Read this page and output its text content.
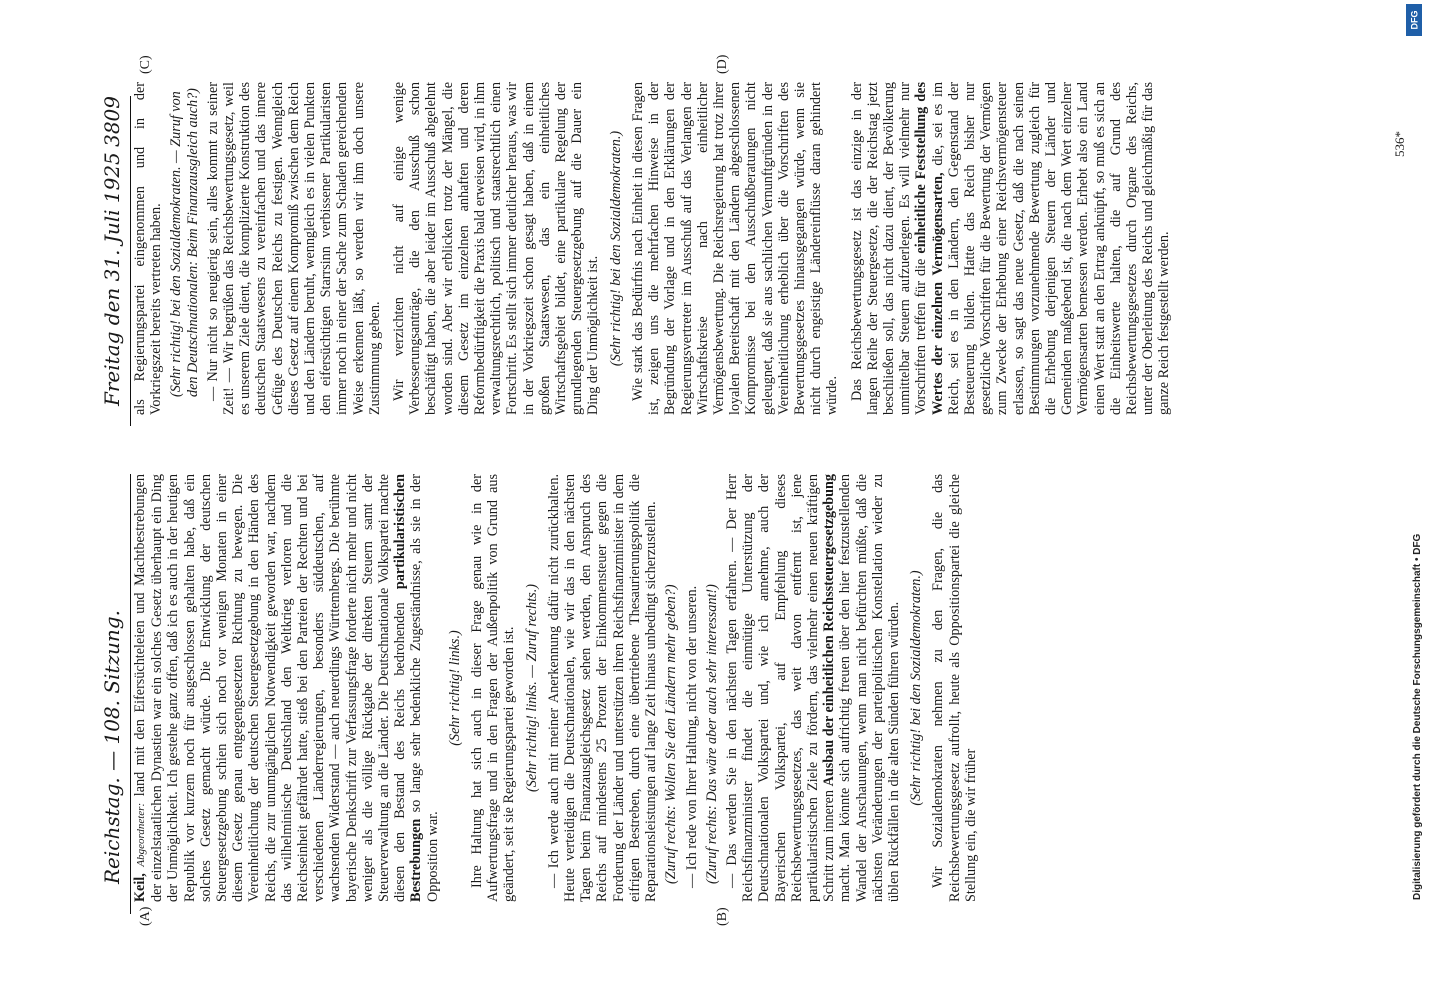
Reichstag. — 108. Sitzung.
Freitag den 31. Juli 1925
3809
(A)	(B)
(C)	(D)

Keil, Abgeordneter: land mit den Eifersüchteleien und Machtbestrebungen der einzelstaatlichen Dynastien war ein solches Gesetz überhaupt ein Ding der Unmöglichkeit. Ich gestehe ganz offen, daß ich es auch in der heutigen Republik vor kurzem noch für ausgeschlossen gehalten habe, daß ein solches Gesetz gemacht würde. Die Entwicklung der deutschen Steuergesetzgebung schien sich noch vor wenigen Monaten in einer diesem Gesetz genau entgegengesetzten Richtung zu bewegen. Die Vereinheitlichung der deutschen Steuergesetzgebung in den Händen des Reichs, die zur unumgänglichen Notwendigkeit geworden war, nachdem das wilhelminische Deutschland den Weltkrieg verloren und die Reichseinheit gefährdet hatte, stieß bei den Parteien der Rechten und bei verschiedenen Länderregierungen, besonders süddeutschen, auf wachsenden Widerstand — auch neuerdings Württembergs. Die berühmte bayerische Denkschrift zur Verfassungsfrage forderte nicht mehr und nicht weniger als die völlige Rückgabe der direkten Steuern samt der Steuerverwaltung an die Länder. Die Deutschnationale Volkspartei machte diesen den Bestand des Reichs bedrohenden partikularistischen Bestrebungen so lange sehr bedenkliche Zugeständnisse, als sie in der Opposition war.

(Sehr richtig! links.) Ihre Haltung hat sich auch in dieser Frage genau wie in der Aufwertungsfrage und in den Fragen der Außenpolitik von Grund aus geändert, seit sie Regierungspartei geworden ist. (Sehr richtig! links. — Zuruf rechts.) — Ich werde auch mit meiner Anerkennung dafür nicht zurückhalten. Heute verteidigen die Deutschnationalen, wie wir das in den nächsten Tagen beim Finanzausgleichsgesetz sehen werden, den Anspruch des Reichs auf mindestens 25 Prozent der Einkommensteuer gegen die Forderung der Länder und unterstützen ihren Reichsfinanzminister in dem eifrigen Bestreben, durch eine übertriebene Thesaurierungspolitik die Reparationsleistungen auf lange Zeit hinaus unbedingt sicherzustellen. (Zuruf rechts: Wollen Sie den Ländern mehr geben?) — Ich rede von Ihrer Haltung, nicht von der unseren. (Zuruf rechts: Das wäre aber auch sehr interessant!) — Das werden Sie in den nächsten Tagen erfahren. — Der Herr Reichsfinanzminister findet die einmütige Unterstützung der Deutschnationalen Volkspartei und, wie ich annehme, auch der Bayerischen Volkspartei, auf Empfehlung dieses Reichsbewertungsgesetzes, das weit davon entfernt ist, jene partikularistischen Ziele zu fördern, das vielmehr einen neuen kräftigen Schritt zum inneren Ausbau der einheitlichen Reichssteuergesetzgebung macht. Man könnte sich aufrichtig freuen über den hier festzustellenden Wandel der Anschauungen, wenn man nicht befürchten müßte, daß die nächsten Veränderungen der parteipolitischen Konstellation wieder zu üblen Rückfällen in die alten Sünden führen würden. (Sehr richtig! bei den Sozialdemokraten.) Wir Sozialdemokraten nehmen zu den Fragen, die das Reichsbewertungsgesetz aufrollt, heute als Oppositionspartei die gleiche Stellung ein, die wir früher

als Regierungspartei eingenommen und in der Vorkriegszeit bereits vertreten haben. (Sehr richtig! bei den Sozialdemokraten. — Zuruf von den Deutschnationalen: Beim Finanzausgleich auch?) — Nur nicht so neugierig sein, alles kommt zu seiner Zeit! — Wir begrüßen das Reichsbewertungsgesetz, weil es unserem Ziele dient, die komplizierte Konstruktion des deutschen Staatswesens zu vereinfachen und das innere Gefüge des Deutschen Reichs zu festigen. Wenngleich dieses Gesetz auf einem Kompromiß zwischen dem Reich und den Ländern beruht, wenngleich es in vielen Punkten den eifersüchtigen Starrsinn verbissener Partikularisten immer noch in einer der Sache zum Schaden gereichenden Weise erkennen läßt, so werden wir ihm doch unsere Zustimmung geben. Wir verzichten nicht auf einige wenige Verbesserungsanträge, die den Ausschuß schon beschäftigt haben, die aber leider im Ausschuß abgelehnt worden sind. Aber wir erblicken trotz der Mängel, die diesem Gesetz im einzelnen anhaften und deren Reformbedürftigkeit die Praxis bald erweisen wird, in ihm verwaltungsrechtlich, politisch und staatsrechtlich einen Fortschritt. Es stellt sich immer deutlicher heraus, was wir in der Vorkriegszeit schon gesagt haben, daß in einem großen Staatswesen, das ein einheitliches Wirtschaftsgebiet bildet, eine partikulare Regelung der grundlegenden Steuergesetzgebung auf die Dauer ein Ding der Unmöglichkeit ist. (Sehr richtig! bei den Sozialdemokraten.) Wie stark das Bedürfnis nach Einheit in diesen Fragen ist, zeigen uns die mehrfachen Hinweise in der Begründung der Vorlage und in den Erklärungen der Regierungsvertreter im Ausschuß auf das Verlangen der Wirtschaftskreise nach einheitlicher Vermögensbewertung. Die Reichsregierung hat trotz ihrer loyalen Bereitschaft mit den Ländern abgeschlossenen Kompromisse bei den Ausschußberatungen nicht geleugnet, daß sie aus sachlichen Vernunftgründen in der Vereinheitlichung erheblich über die Vorschriften des Bewertungsgesetzes hinausgegangen würde, wenn sie nicht durch engeistige Ländereinflüsse daran gehindert würde. Das Reichsbewertungsgesetz ist das einzige in der langen Reihe der Steuergesetze, die der Reichstag jetzt beschließen soll, das nicht dazu dient, der Bevölkerung unmittelbar Steuern aufzuerlegen. Es will vielmehr nur Vorschriften treffen für die einheitliche Feststellung des Wertes der einzelnen Vermögensarten, die, sei es im Reich, sei es in den Ländern, den Gegenstand der Besteuerung bilden. Hatte das Reich bisher nur gesetzliche Vorschriften für die Bewertung der Vermögen zum Zwecke der Erhebung einer Reichsvermögensteuer erlassen, so sagt das neue Gesetz, daß die nach seinen Bestimmungen vorzunehmende Bewertung zugleich für die Erhebung derjenigen Steuern der Länder und Gemeinden maßgebend ist, die nach dem Wert einzelner Vermögensarten bemessen werden. Erhebt also ein Land einen Wert statt an den Ertrag anknüpft, so muß es sich an die Einheitswerte halten, die auf Grund des Reichsbewertungsgesetzes durch Organe des Reichs, unter der Oberleitung des Reichs und gleichmäßig für das ganze Reich festgestellt werden.

536*
DFG
Digitalisierung gefördert durch die Deutsche Forschungsgemeinschaft • DFG
